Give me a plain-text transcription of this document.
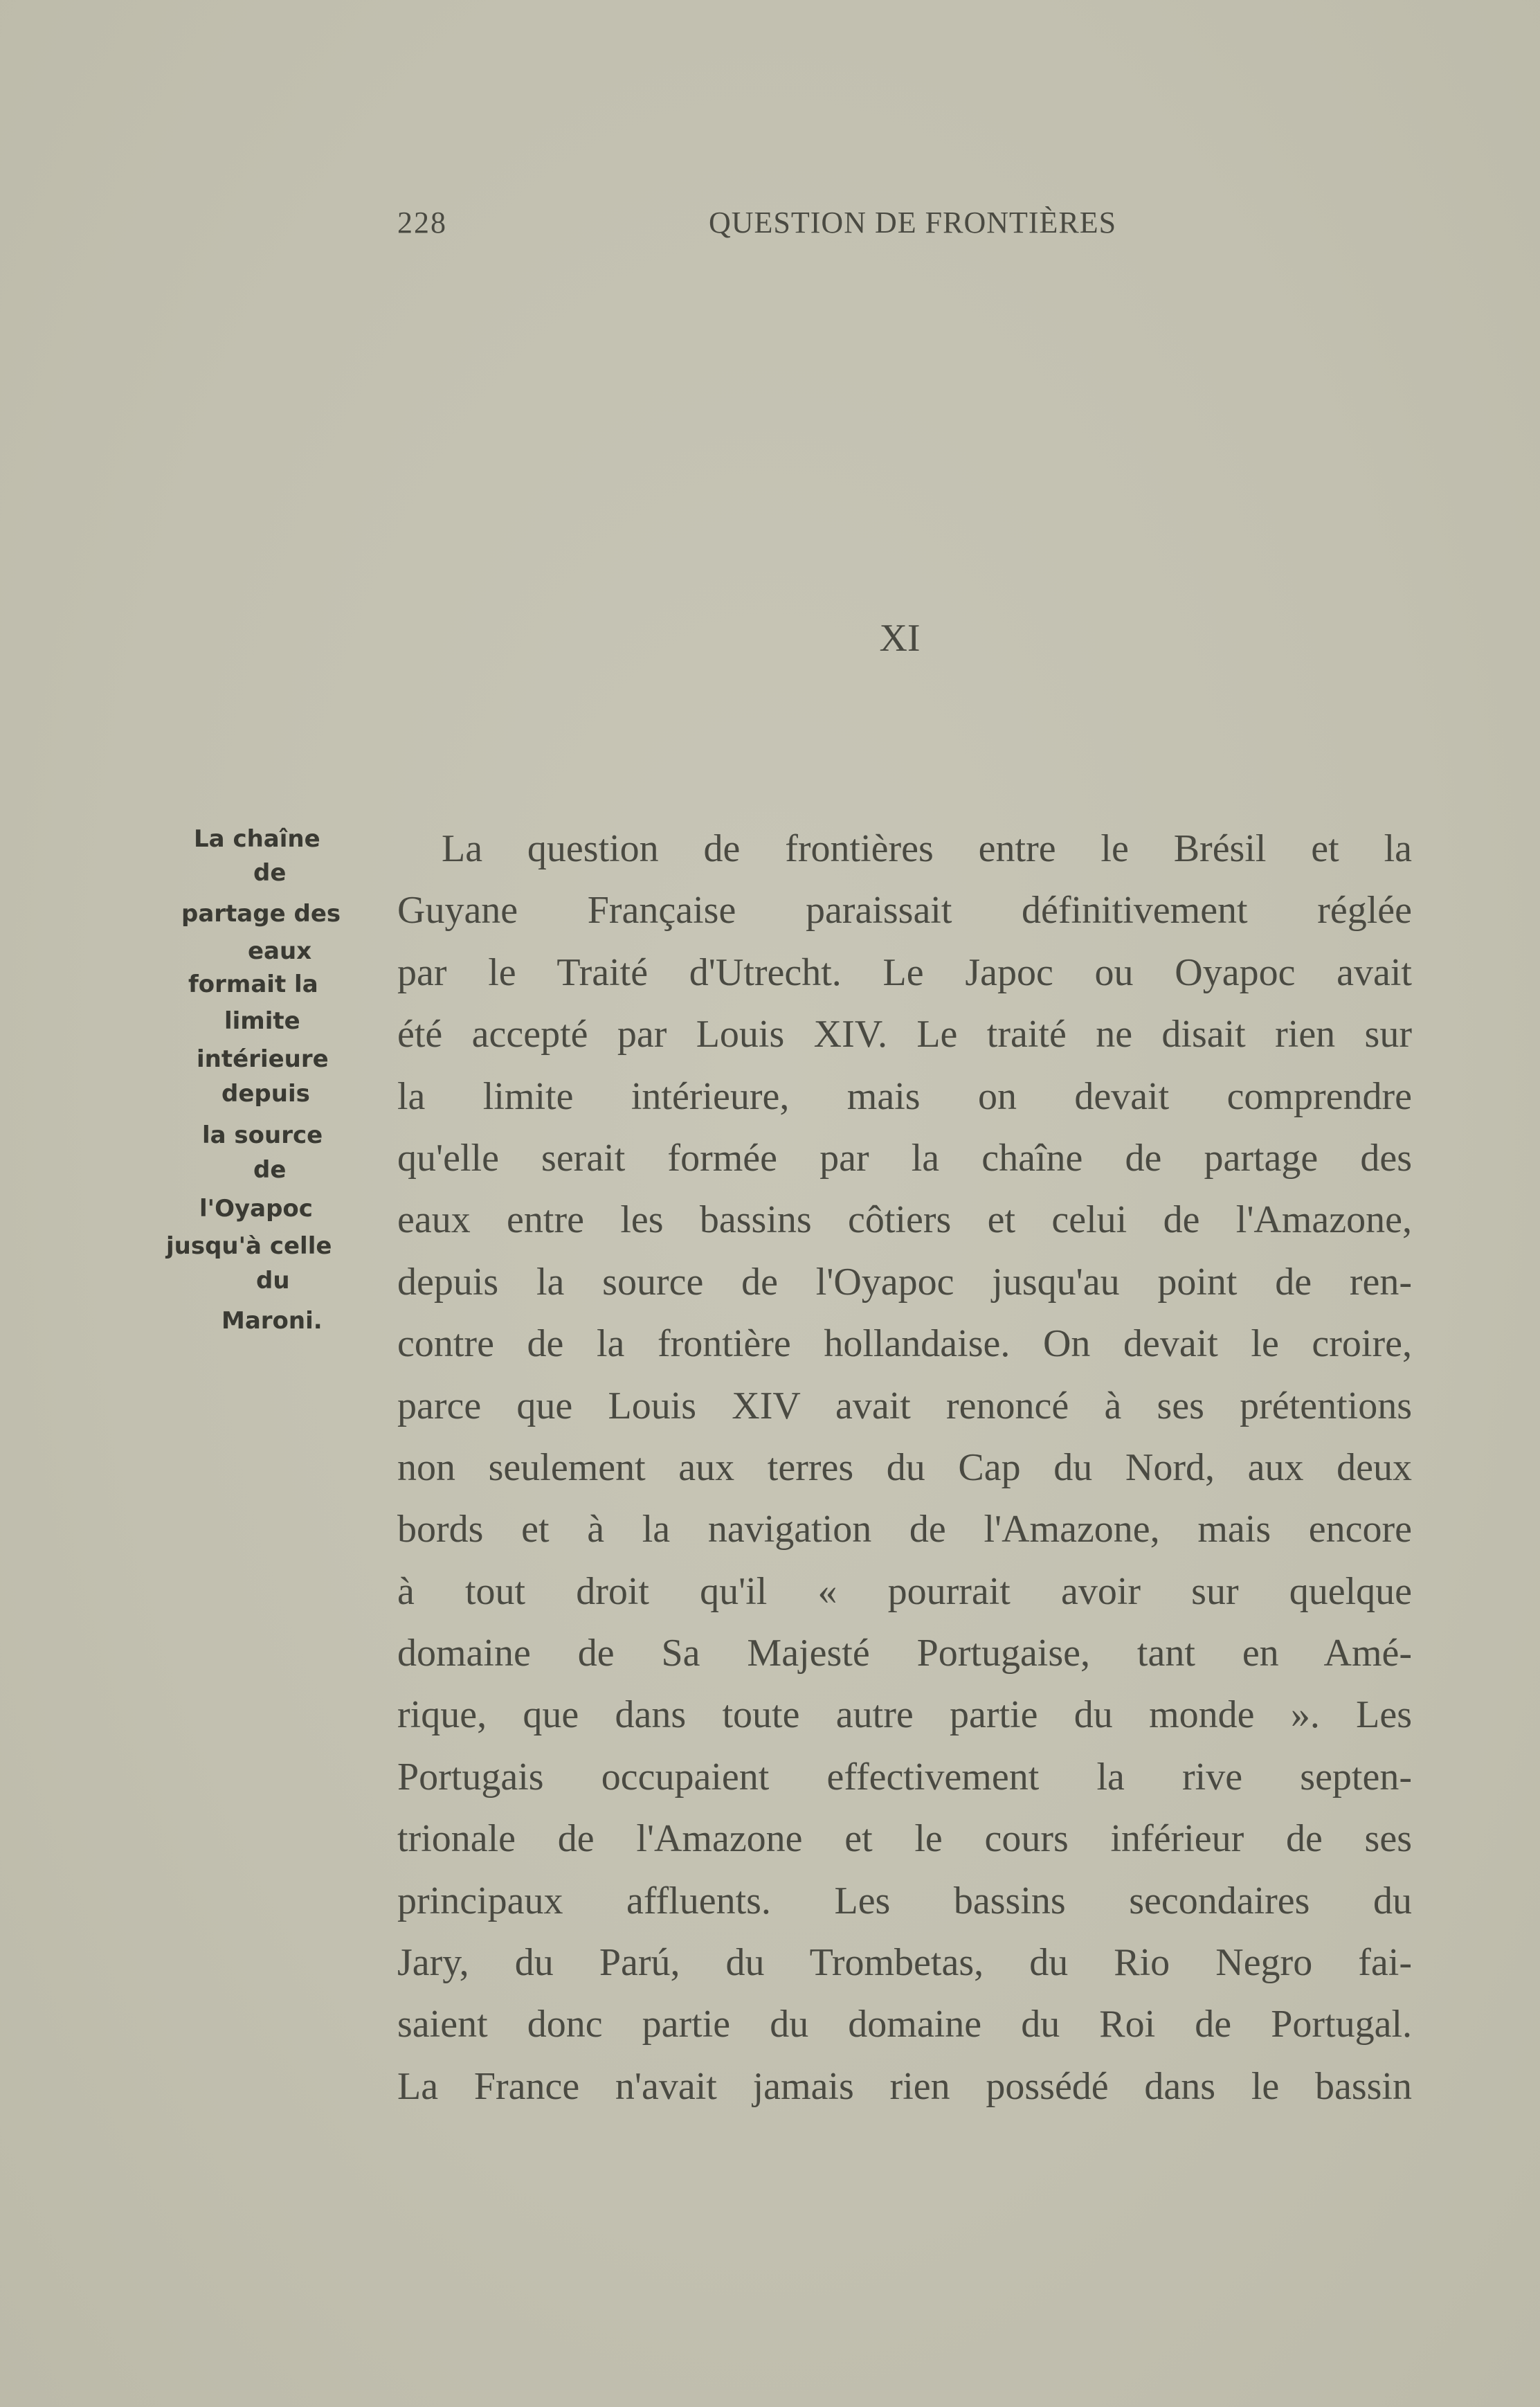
228	QUESTION DE FRONTIÈRES
XI
La chaîne
de
partage des
eaux
formait la
limite
intérieure
depuis
la source
de
l'Oyapoc
jusqu'à celle
du
Maroni.
La question de frontières entre le Brésil et la
Guyane Française paraissait définitivement réglée
par le Traité d'Utrecht. Le Japoc ou Oyapoc avait
été accepté par Louis XIV. Le traité ne disait rien sur
la limite intérieure, mais on devait comprendre
qu'elle serait formée par la chaîne de partage des
eaux entre les bassins côtiers et celui de l'Amazone,
depuis la source de l'Oyapoc jusqu'au point de ren-
contre de la frontière hollandaise. On devait le croire,
parce que Louis XIV avait renoncé à ses prétentions
non seulement aux terres du Cap du Nord, aux deux
bords et à la navigation de l'Amazone, mais encore
à tout droit qu'il « pourrait avoir sur quelque
domaine de Sa Majesté Portugaise, tant en Amé-
rique, que dans toute autre partie du monde ». Les
Portugais occupaient effectivement la rive septen-
trionale de l'Amazone et le cours inférieur de ses
principaux affluents. Les bassins secondaires du
Jary, du Parú, du Trombetas, du Rio Negro fai-
saient donc partie du domaine du Roi de Portugal.
La France n'avait jamais rien possédé dans le bassin
